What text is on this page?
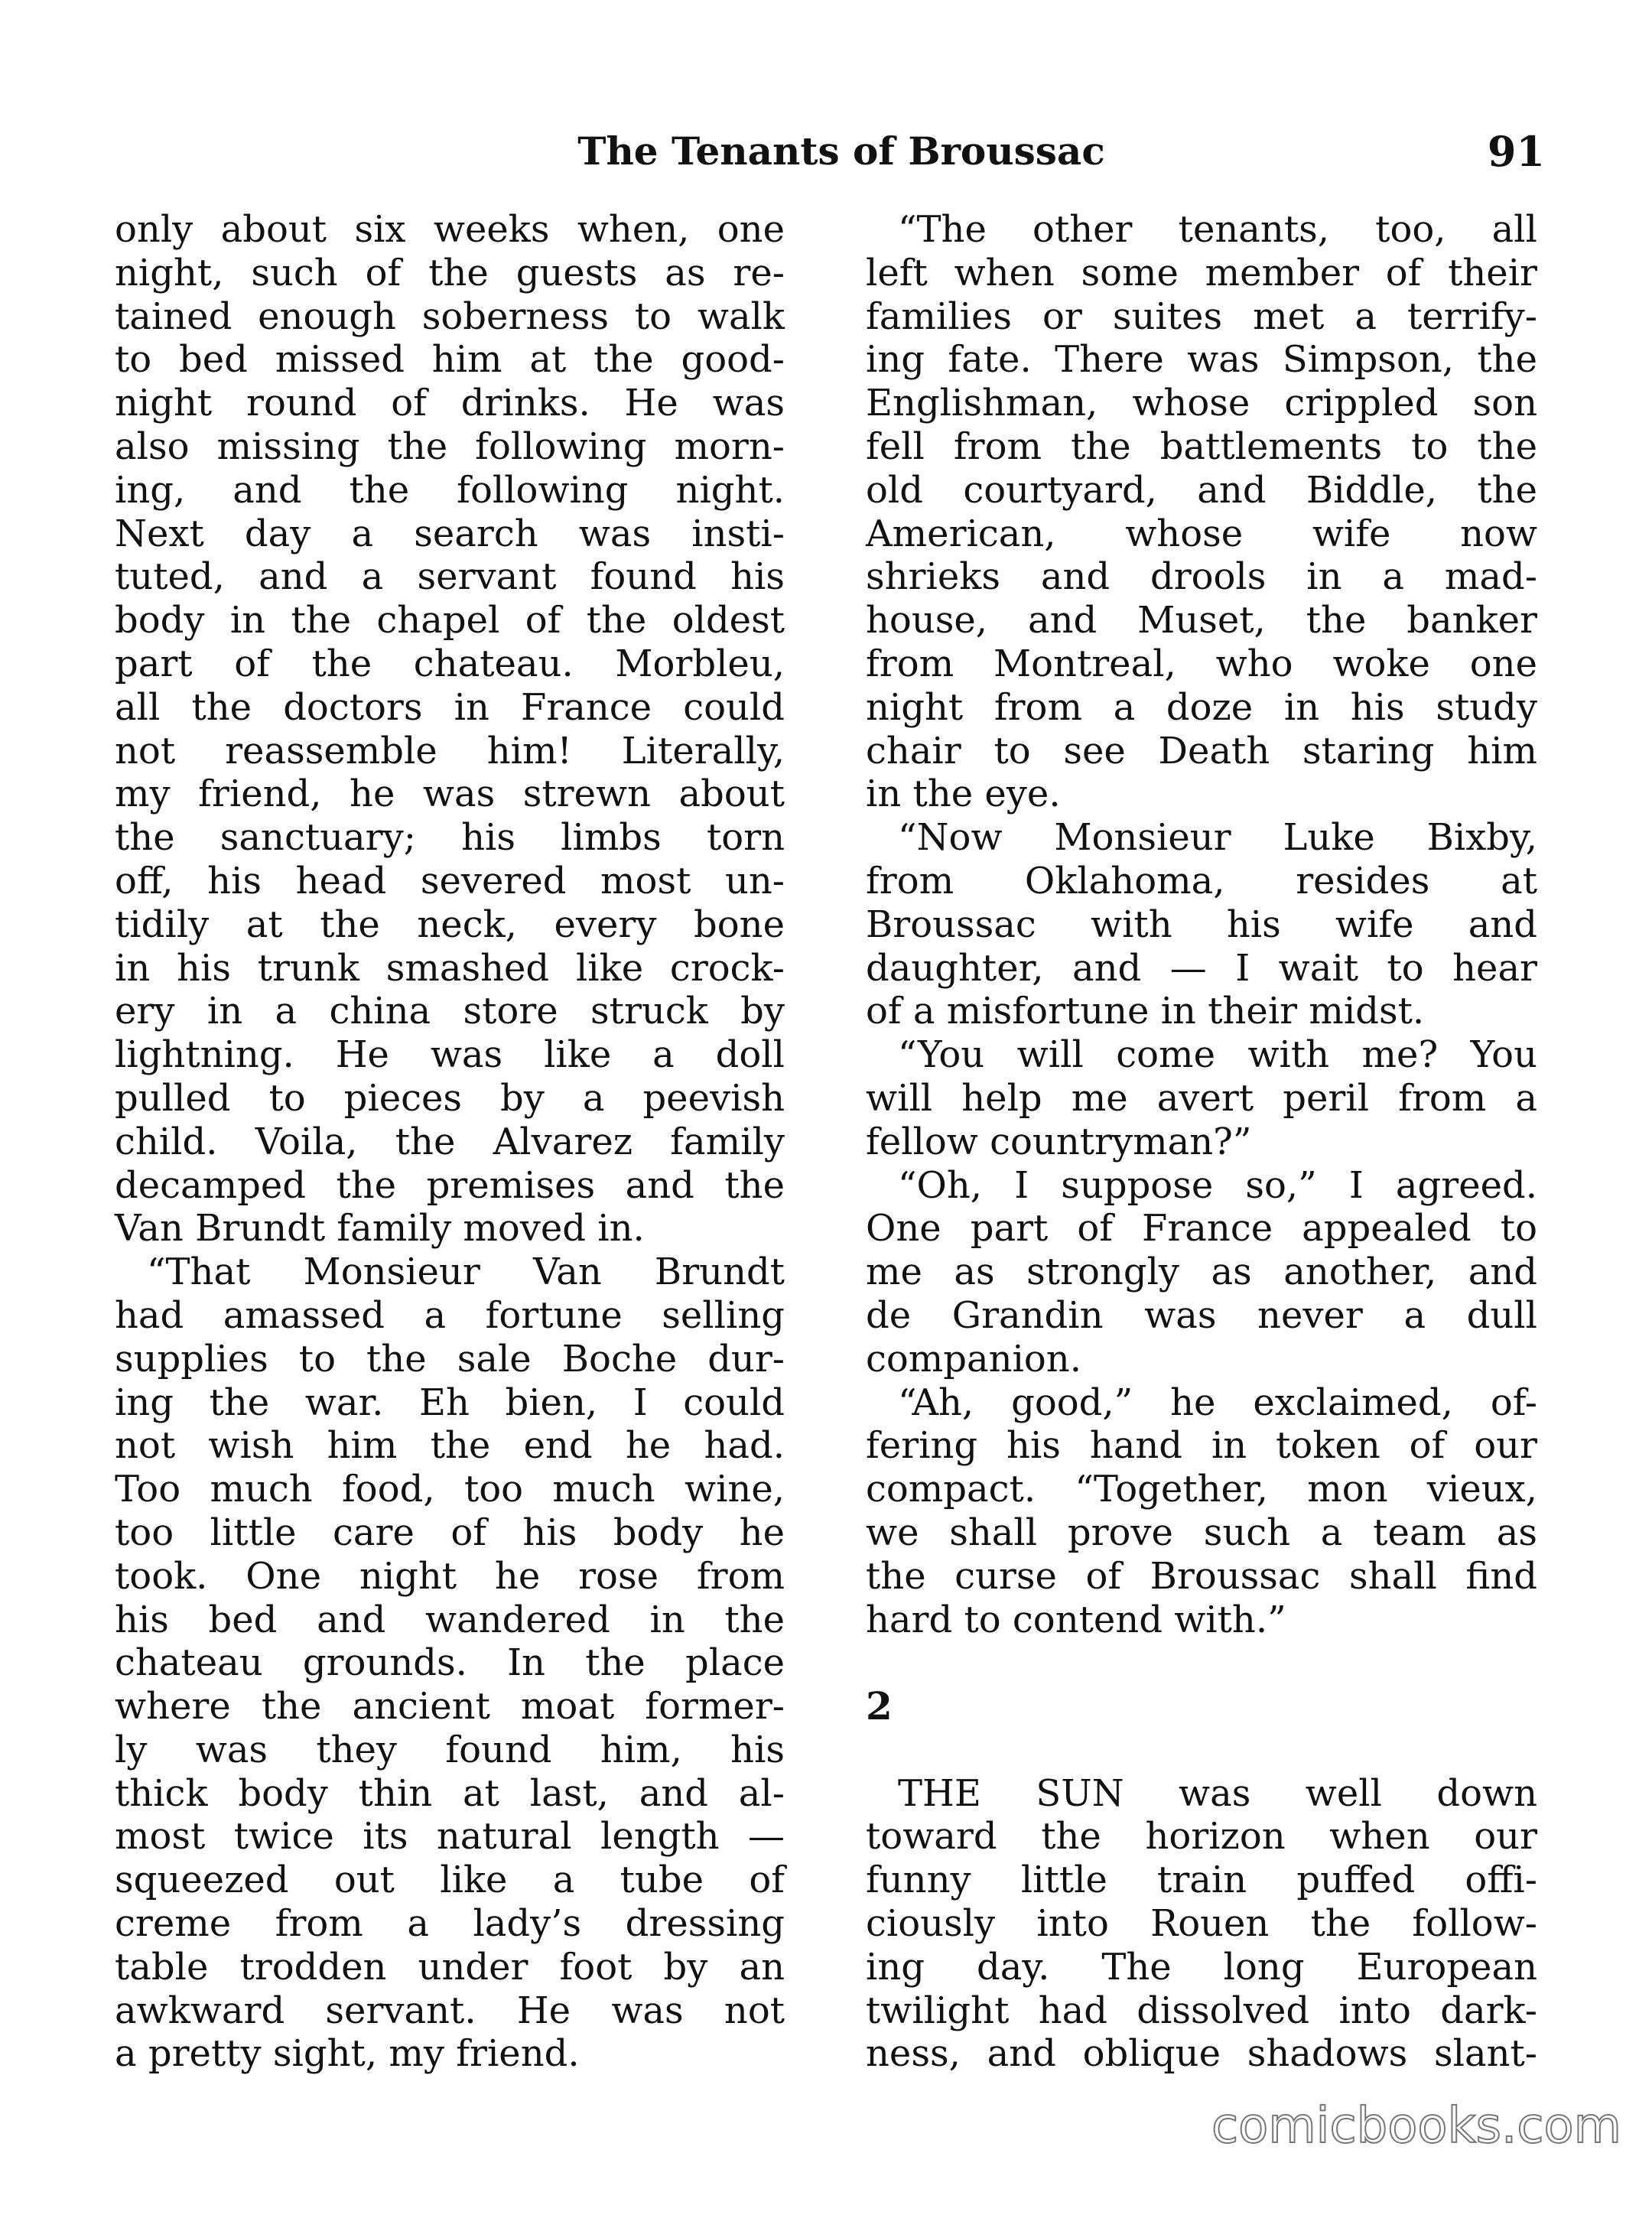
The Tenants of Broussac	91
only about six weeks when, one
night, such of the guests as re-
tained enough soberness to walk
to bed missed him at the good-
night round of drinks. He was
also missing the following morn-
ing, and the following night.
Next day a search was insti-
tuted, and a servant found his
body in the chapel of the oldest
part of the chateau. Morbleu,
all the doctors in France could
not reassemble him! Literally,
my friend, he was strewn about
the sanctuary; his limbs torn
off, his head severed most un-
tidily at the neck, every bone
in his trunk smashed like crock-
ery in a china store struck by
lightning. He was like a doll
pulled to pieces by a peevish
child. Voila, the Alvarez family
decamped the premises and the
Van Brundt family moved in.
“That Monsieur Van Brundt
had amassed a fortune selling
supplies to the sale Boche dur-
ing the war. Eh bien, I could
not wish him the end he had.
Too much food, too much wine,
too little care of his body he
took. One night he rose from
his bed and wandered in the
chateau grounds. In the place
where the ancient moat former-
ly was they found him, his
thick body thin at last, and al-
most twice its natural length —
squeezed out like a tube of
creme from a lady’s dressing
table trodden under foot by an
awkward servant. He was not
a pretty sight, my friend.
“The other tenants, too, all
left when some member of their
families or suites met a terrify-
ing fate. There was Simpson, the
Englishman, whose crippled son
fell from the battlements to the
old courtyard, and Biddle, the
American, whose wife now
shrieks and drools in a mad-
house, and Muset, the banker
from Montreal, who woke one
night from a doze in his study
chair to see Death staring him
in the eye.
“Now Monsieur Luke Bixby,
from Oklahoma, resides at
Broussac with his wife and
daughter, and — I wait to hear
of a misfortune in their midst.
“You will come with me? You
will help me avert peril from a
fellow countryman?”
“Oh, I suppose so,” I agreed.
One part of France appealed to
me as strongly as another, and
de Grandin was never a dull
companion.
“Ah, good,” he exclaimed, of-
fering his hand in token of our
compact. “Together, mon vieux,
we shall prove such a team as
the curse of Broussac shall find
hard to contend with.”
2
THE SUN was well down
toward the horizon when our
funny little train puffed offi-
ciously into Rouen the follow-
ing day. The long European
twilight had dissolved into dark-
ness, and oblique shadows slant-
comicbooks.com
